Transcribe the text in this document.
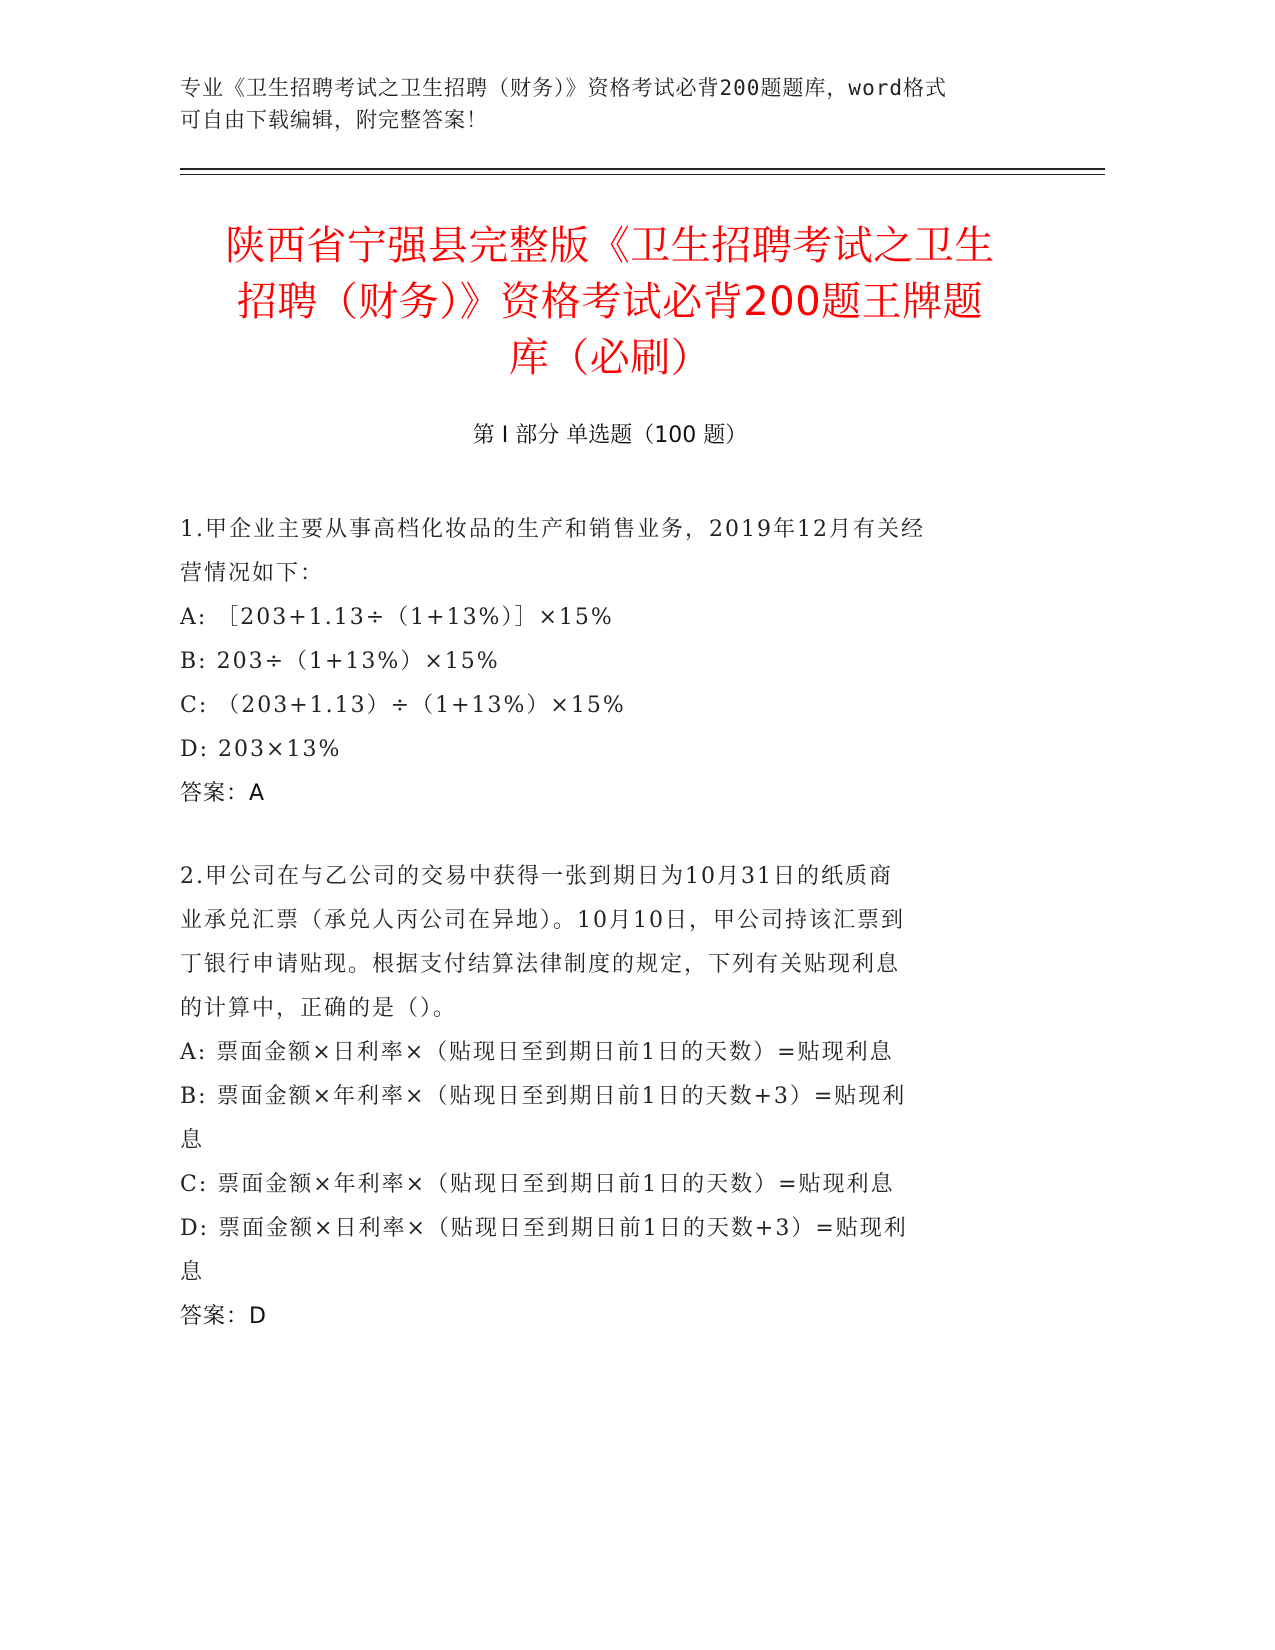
专业《卫生招聘考试之卫生招聘（财务）》资格考试必背200题题库，word格式
可自由下载编辑，附完整答案！
陕西省宁强县完整版《卫生招聘考试之卫生
招聘（财务）》资格考试必背200题王牌题
库（必刷）
第 I 部分 单选题（100 题）
1.甲企业主要从事高档化妆品的生产和销售业务，2019年12月有关经
营情况如下：
A: ［203+1.13÷（1+13%）］×15%
B: 203÷（1+13%）×15%
C: （203+1.13）÷（1+13%）×15%
D: 203×13%
答案：A
2.甲公司在与乙公司的交易中获得一张到期日为10月31日的纸质商
业承兑汇票（承兑人丙公司在异地）。10月10日，甲公司持该汇票到
丁银行申请贴现。根据支付结算法律制度的规定，下列有关贴现利息
的计算中，正确的是（）。
A: 票面金额×日利率×（贴现日至到期日前1日的天数）=贴现利息
B: 票面金额×年利率×（贴现日至到期日前1日的天数+3）=贴现利
息
C: 票面金额×年利率×（贴现日至到期日前1日的天数）=贴现利息
D: 票面金额×日利率×（贴现日至到期日前1日的天数+3）=贴现利
息
答案：D
